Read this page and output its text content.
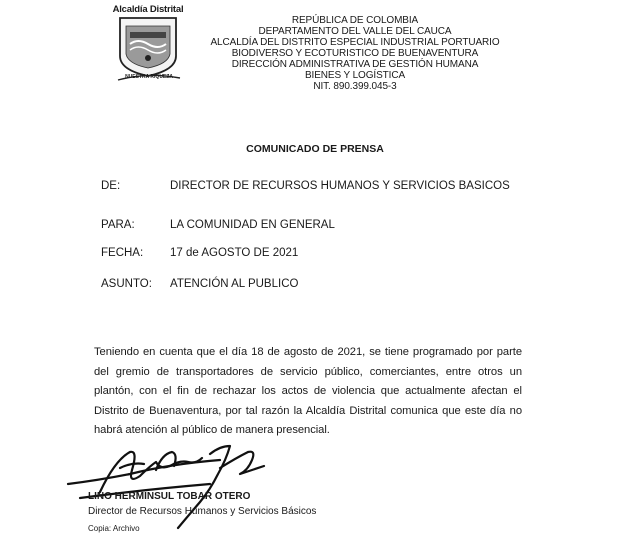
Alcaldía Distrital
NUESTRA RIQUEZA
REPÚBLICA DE COLOMBIA
DEPARTAMENTO DEL VALLE DEL CAUCA
ALCALDÍA DEL DISTRITO ESPECIAL INDUSTRIAL PORTUARIO
BIODIVERSO Y ECOTURISTICO DE BUENAVENTURA
DIRECCIÓN ADMINISTRATIVA DE GESTIÓN HUMANA
BIENES Y LOGÍSTICA
NIT. 890.399.045-3
COMUNICADO DE PRENSA
DE:	DIRECTOR DE RECURSOS HUMANOS Y SERVICIOS BASICOS
PARA:	LA COMUNIDAD EN GENERAL
FECHA: 17 de AGOSTO DE 2021
ASUNTO: ATENCIÓN AL PUBLICO
Teniendo en cuenta que el día 18 de agosto de 2021, se tiene programado por parte del gremio de transportadores de servicio público, comerciantes, entre otros un plantón, con el fin de rechazar los actos de violencia que actualmente afectan el Distrito de Buenaventura, por tal razón la Alcaldía Distrital comunica que este día no habrá atención al público de manera presencial.
LINO HERMINSUL TOBAR OTERO
Director de Recursos Humanos y Servicios Básicos
Copia: Archivo
